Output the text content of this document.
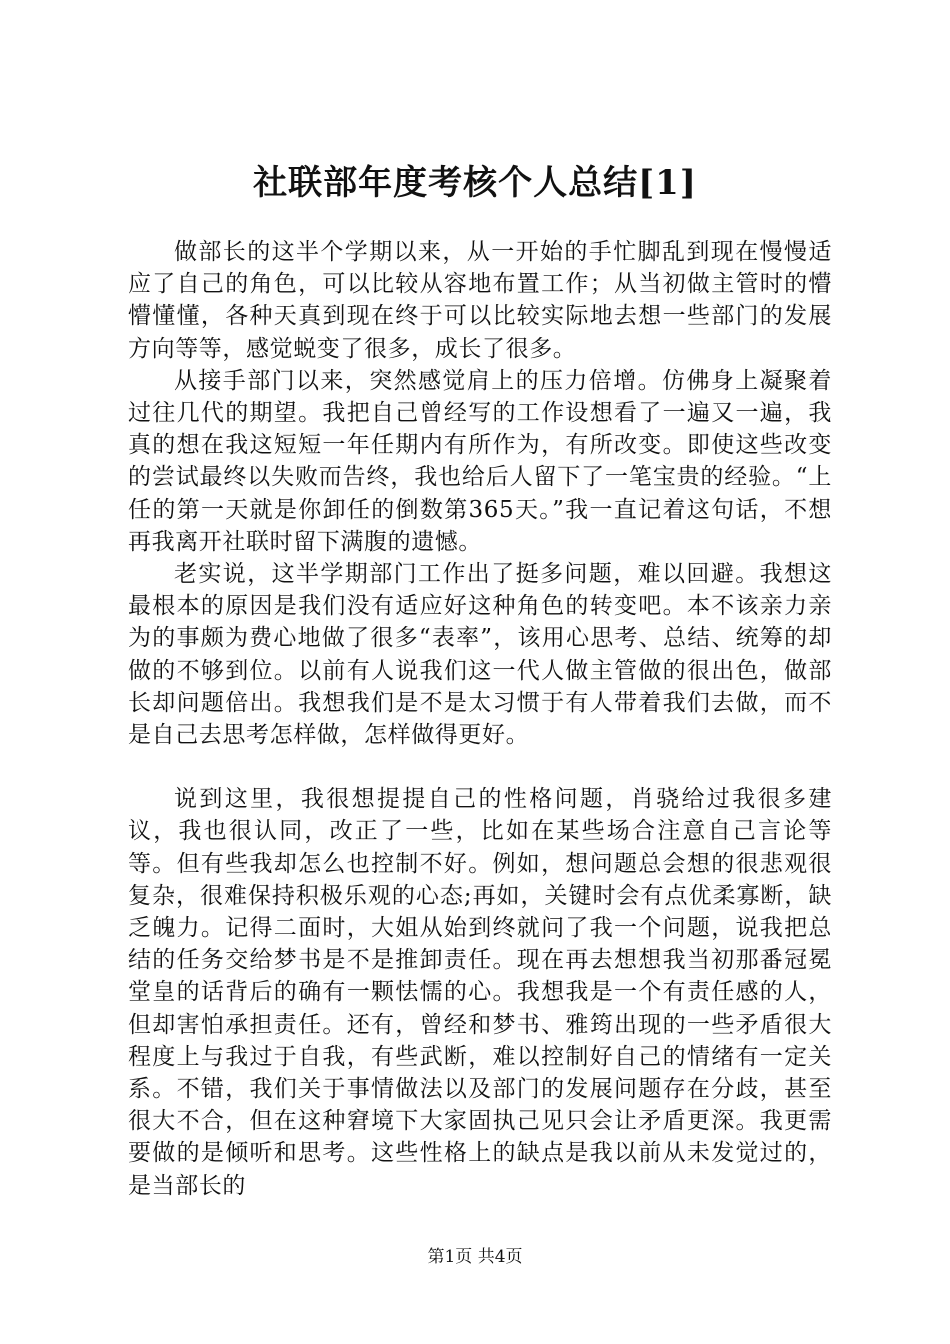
社联部年度考核个人总结[1]

做部长的这半个学期以来，从一开始的手忙脚乱到现在慢慢适应了自己的角色，可以比较从容地布置工作；从当初做主管时的懵懵懂懂，各种天真到现在终于可以比较实际地去想一些部门的发展方向等等，感觉蜕变了很多，成长了很多。

从接手部门以来，突然感觉肩上的压力倍增。仿佛身上凝聚着过往几代的期望。我把自己曾经写的工作设想看了一遍又一遍，我真的想在我这短短一年任期内有所作为，有所改变。即使这些改变的尝试最终以失败而告终，我也给后人留下了一笔宝贵的经验。“上任的第一天就是你卸任的倒数第365天。”我一直记着这句话，不想再我离开社联时留下满腹的遗憾。

老实说，这半学期部门工作出了挺多问题，难以回避。我想这最根本的原因是我们没有适应好这种角色的转变吧。本不该亲力亲为的事颇为费心地做了很多“表率”，该用心思考、总结、统筹的却做的不够到位。以前有人说我们这一代人做主管做的很出色，做部长却问题倍出。我想我们是不是太习惯于有人带着我们去做，而不是自己去思考怎样做，怎样做得更好。

说到这里，我很想提提自己的性格问题，肖骁给过我很多建议，我也很认同，改正了一些，比如在某些场合注意自己言论等等。但有些我却怎么也控制不好。例如，想问题总会想的很悲观很复杂，很难保持积极乐观的心态;再如，关键时会有点优柔寡断，缺乏魄力。记得二面时，大姐从始到终就问了我一个问题，说我把总结的任务交给梦书是不是推卸责任。现在再去想想我当初那番冠冕堂皇的话背后的确有一颗怯懦的心。我想我是一个有责任感的人，但却害怕承担责任。还有，曾经和梦书、雅筠出现的一些矛盾很大程度上与我过于自我，有些武断，难以控制好自己的情绪有一定关系。不错，我们关于事情做法以及部门的发展问题存在分歧，甚至很大不合，但在这种窘境下大家固执己见只会让矛盾更深。我更需要做的是倾听和思考。这些性格上的缺点是我以前从未发觉过的，是当部长的

第1页 共4页
